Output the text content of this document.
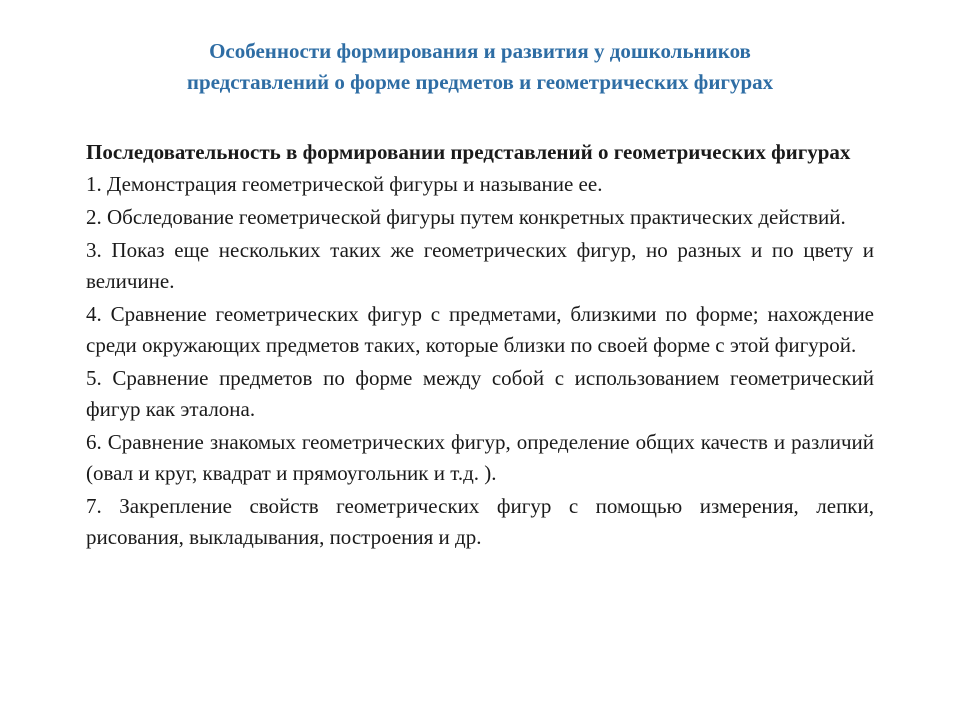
Особенности формирования и развития у дошкольников
представлений о форме предметов и геометрических фигурах

Последовательность в формировании представлений о геометрических фигурах

1. Демонстрация геометрической фигуры и называние ее.

2. Обследование геометрической фигуры путем конкретных практических действий.

3. Показ еще нескольких таких же геометрических фигур, но разных и по цвету и величине.

4. Сравнение геометрических фигур с предметами, близкими по форме; нахождение среди окружающих предметов таких, которые близки по своей форме с этой фигурой.

5. Сравнение предметов по форме между собой с использованием геометрический фигур как эталона.

6. Сравнение знакомых геометрических фигур, определение общих качеств и различий (овал и круг, квадрат и прямоугольник и т.д. ).

7. Закрепление свойств геометрических фигур с помощью измерения, лепки, рисования, выкладывания, построения и др.
